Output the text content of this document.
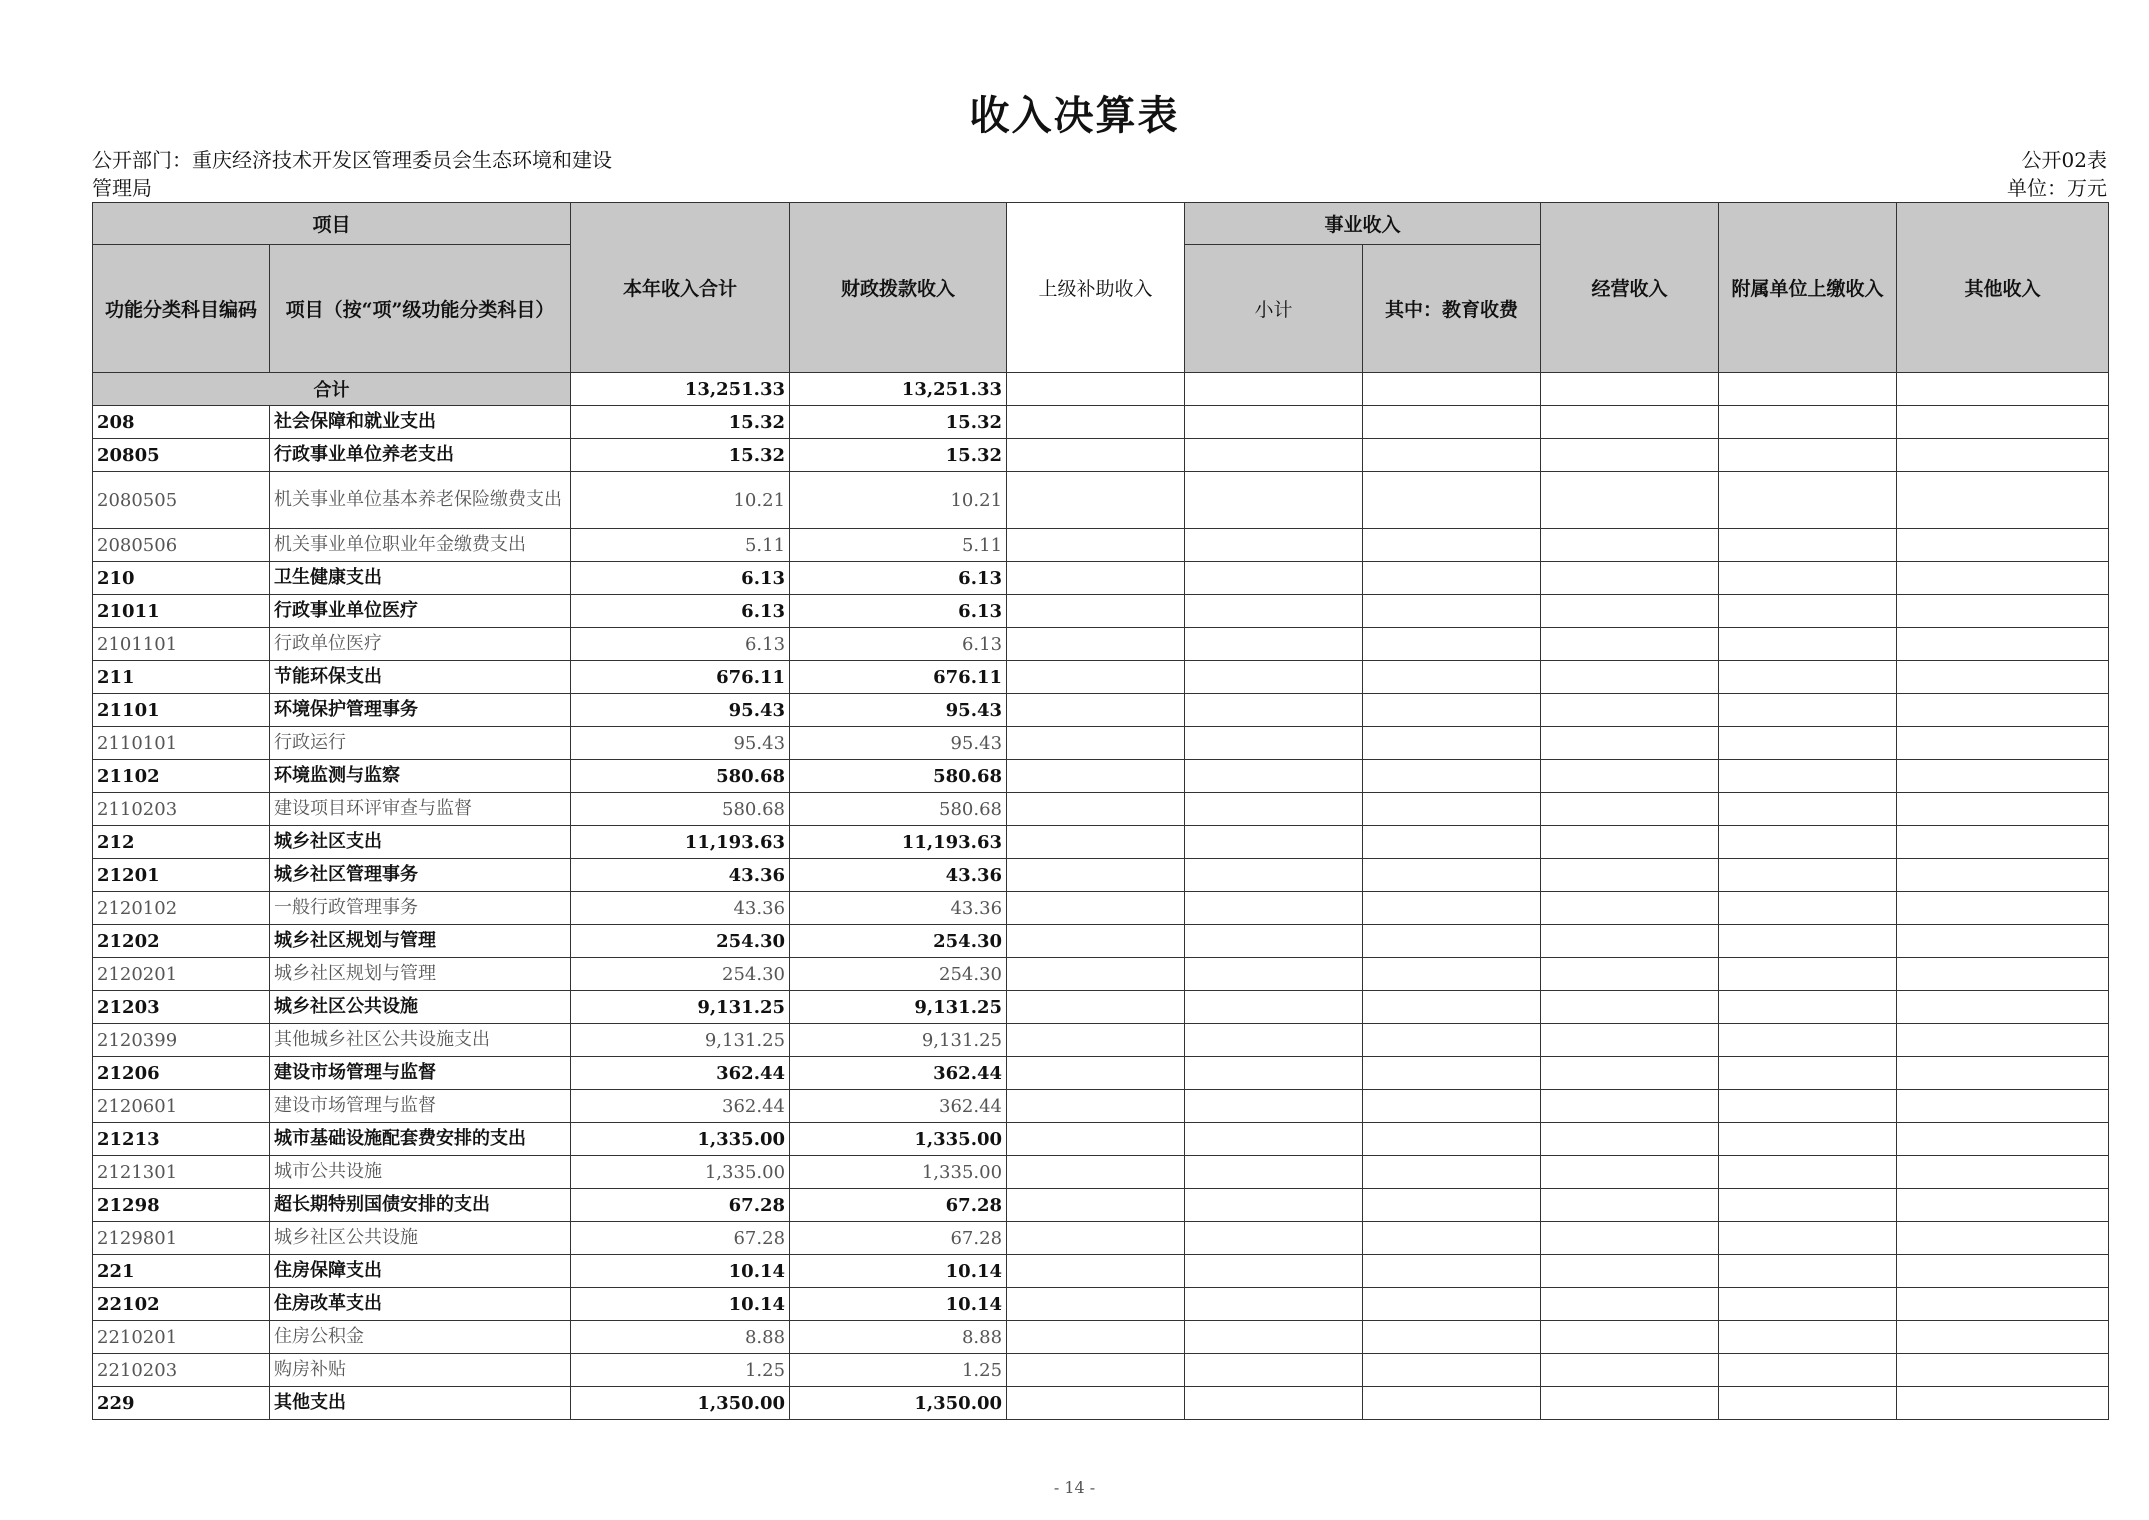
收入决算表
公开部门：重庆经济技术开发区管理委员会生态环境和建设管理局
公开02表
单位：万元
项目		本年收入合计	财政拨款收入	上级补助收入	事业收入		经营收入	附属单位上缴收入	其他收入
功能分类科目编码	项目（按“项”级功能分类科目）				小计	其中：教育收费			
合计		13,251.33	13,251.33						
208	社会保障和就业支出	15.32	15.32						
20805	行政事业单位养老支出	15.32	15.32						
2080505	机关事业单位基本养老保险缴费支出	10.21	10.21						
2080506	机关事业单位职业年金缴费支出	5.11	5.11						
210	卫生健康支出	6.13	6.13						
21011	行政事业单位医疗	6.13	6.13						
2101101	行政单位医疗	6.13	6.13						
211	节能环保支出	676.11	676.11						
21101	环境保护管理事务	95.43	95.43						
2110101	行政运行	95.43	95.43						
21102	环境监测与监察	580.68	580.68						
2110203	建设项目环评审查与监督	580.68	580.68						
212	城乡社区支出	11,193.63	11,193.63						
21201	城乡社区管理事务	43.36	43.36						
2120102	一般行政管理事务	43.36	43.36						
21202	城乡社区规划与管理	254.30	254.30						
2120201	城乡社区规划与管理	254.30	254.30						
21203	城乡社区公共设施	9,131.25	9,131.25						
2120399	其他城乡社区公共设施支出	9,131.25	9,131.25						
21206	建设市场管理与监督	362.44	362.44						
2120601	建设市场管理与监督	362.44	362.44						
21213	城市基础设施配套费安排的支出	1,335.00	1,335.00						
2121301	城市公共设施	1,335.00	1,335.00						
21298	超长期特别国债安排的支出	67.28	67.28						
2129801	城乡社区公共设施	67.28	67.28						
221	住房保障支出	10.14	10.14						
22102	住房改革支出	10.14	10.14						
2210201	住房公积金	8.88	8.88						
2210203	购房补贴	1.25	1.25						
229	其他支出	1,350.00	1,350.00						
- 14 -
